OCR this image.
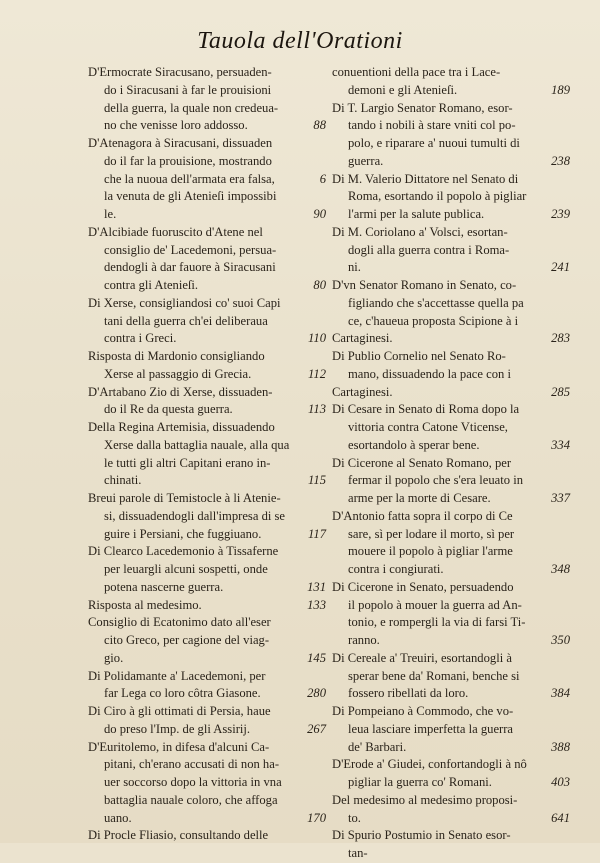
Tauola dell'Orationi
D'Ermocrate Siracusano, persuaden-
do i Siracusani à far le prouisioni
della guerra, la quale non credeua-
no che venisse loro addosso.	88
D'Atenagora à Siracusani, dissuaden
do il far la prouisione, mostrando
che la nuoua dell'armata era falsa,	6
la venuta de gli Atenieſi impossibi
le.	90
D'Alcibiade fuoruscito d'Atene nel
consiglio de' Lacedemoni, persua-
dendogli à dar fauore à Siracusani
contra gli Atenieſi.	80
Di Xerse, consigliandosi co' suoi Capi
tani della guerra ch'ei deliberaua
contra i Greci.	110
Risposta di Mardonio consigliando
Xerse al passaggio di Grecia.	112
D'Artabano Zio di Xerse, dissuaden-
do il Re da questa guerra.	113
Della Regina Artemisia, dissuadendo
Xerse dalla battaglia nauale, alla qua
le tutti gli altri Capitani erano in-
chinati.	115
Breui parole di Temistocle à li Atenie-
si, dissuadendogli dall'impresa di se
guire i Persiani, che fuggiuano.	117
Di Clearco Lacedemonio à Tissaferne
per leuargli alcuni sospetti, onde
potena nascerne guerra.	131
Risposta al medesimo.	133
Consiglio di Ecatonimo dato all'eser
cito Greco, per cagione del viag-
gio.	145
Di Polidamante a' Lacedemoni, per
far Lega co loro côtra Giasone.	280
Di Ciro à gli ottimati di Persia, haue
do preso l'Imp. de gli Assirij.	267
D'Euritolemo, in difesa d'alcuni Ca-
pitani, ch'erano accusati di non ha-
uer soccorso dopo la vittoria in vna
battaglia nauale coloro, che affoga
uano.	170
Di Procle Fliasio, consultando delle
conuentioni della pace tra i Lace-
demoni e gli Atenieſi.	189
Di T. Largio Senator Romano, esor-
tando i nobili à stare vniti col po-
polo, e riparare a' nuoui tumulti di
guerra.	238
Di M. Valerio Dittatore nel Senato di
Roma, esortando il popolo à pigliar
l'armi per la salute publica.	239
Di M. Coriolano a' Volsci, esortan-
dogli alla guerra contra i Roma-
ni.	241
D'vn Senator Romano in Senato, co-
figliando che s'accettasse quella pa
ce, c'haueua proposta Scipione à i
Cartaginesi.	283
Di Publio Cornelio nel Senato Ro-
mano, dissuadendo la pace con i
Cartaginesi.	285
Di Cesare in Senato di Roma dopo la
vittoria contra Catone Vticense,
esortandolo à sperar bene.	334
Di Cicerone al Senato Romano, per
fermar il popolo che s'era leuato in
arme per la morte di Cesare.	337
D'Antonio fatta sopra il corpo di Ce
sare, sì per lodare il morto, sì per
mouere il popolo à pigliar l'arme
contra i congiurati.	348
Di Cicerone in Senato, persuadendo
il popolo à mouer la guerra ad An-
tonio, e rompergli la via di farsi Ti-
ranno.	350
Di Cereale a' Treuiri, esortandogli à
sperar bene da' Romani, benche si
fossero ribellati da loro.	384
Di Pompeiano à Commodo, che vo-
leua lasciare imperfetta la guerra
de' Barbari.	388
D'Erode a' Giudei, confortandogli à nô
pigliar la guerra co' Romani.	403
Del medesimo al medesimo proposi-
to.	641
Di Spurio Postumio in Senato esor-
tan-
